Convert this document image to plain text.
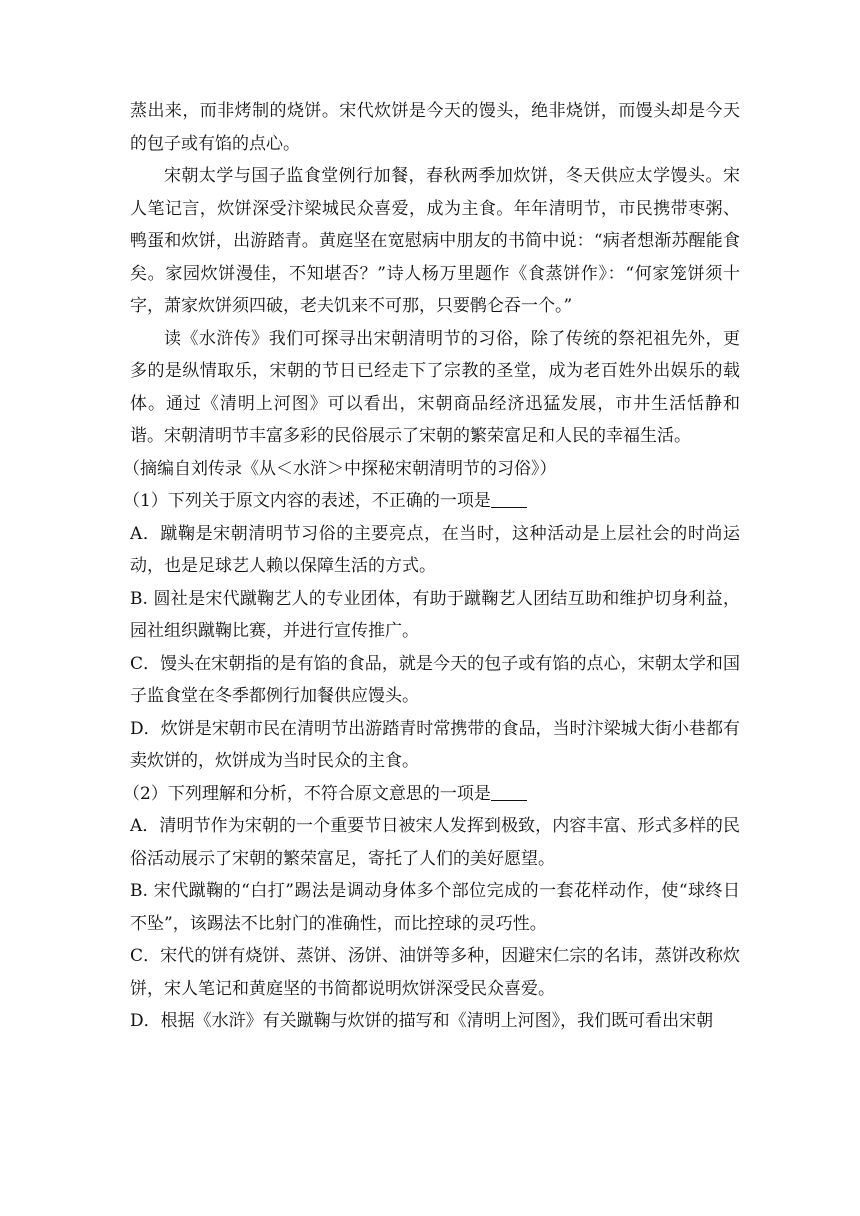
蒸出来，而非烤制的烧饼。宋代炊饼是今天的馒头，绝非烧饼，而馒头却是今天的包子或有馅的点心。

宋朝太学与国子监食堂例行加餐，春秋两季加炊饼，冬天供应太学馒头。宋人笔记言，炊饼深受汴梁城民众喜爱，成为主食。年年清明节，市民携带枣粥、鸭蛋和炊饼，出游踏青。黄庭坚在宽慰病中朋友的书简中说：“病者想渐苏醒能食矣。家园炊饼漫佳，不知堪否？”诗人杨万里题作《食蒸饼作》：“何家笼饼须十字，萧家炊饼须四破，老夫饥来不可那，只要鹘仑吞一个。”

读《水浒传》我们可探寻出宋朝清明节的习俗，除了传统的祭祀祖先外，更多的是纵情取乐，宋朝的节日已经走下了宗教的圣堂，成为老百姓外出娱乐的载体。通过《清明上河图》可以看出，宋朝商品经济迅猛发展，市井生活恬静和谐。宋朝清明节丰富多彩的民俗展示了宋朝的繁荣富足和人民的幸福生活。

（摘编自刘传录《从＜水浒＞中探秘宋朝清明节的习俗》）

（1）下列关于原文内容的表述，不正确的一项是

A．蹴鞠是宋朝清明节习俗的主要亮点，在当时，这种活动是上层社会的时尚运动，也是足球艺人赖以保障生活的方式。

B. 圆社是宋代蹴鞠艺人的专业团体，有助于蹴鞠艺人团结互助和维护切身利益，园社组织蹴鞠比赛，并进行宣传推广。

C．馒头在宋朝指的是有馅的食品，就是今天的包子或有馅的点心，宋朝太学和国子监食堂在冬季都例行加餐供应馒头。

D．炊饼是宋朝市民在清明节出游踏青时常携带的食品，当时汴梁城大街小巷都有卖炊饼的，炊饼成为当时民众的主食。

（2）下列理解和分析，不符合原文意思的一项是

A．清明节作为宋朝的一个重要节日被宋人发挥到极致，内容丰富、形式多样的民俗活动展示了宋朝的繁荣富足，寄托了人们的美好愿望。

B. 宋代蹴鞠的“白打”踢法是调动身体多个部位完成的一套花样动作，使“球终日不坠”，该踢法不比射门的准确性，而比控球的灵巧性。

C．宋代的饼有烧饼、蒸饼、汤饼、油饼等多种，因避宋仁宗的名讳，蒸饼改称炊饼，宋人笔记和黄庭坚的书简都说明炊饼深受民众喜爱。

D．根据《水浒》有关蹴鞠与炊饼的描写和《清明上河图》，我们既可看出宋朝
